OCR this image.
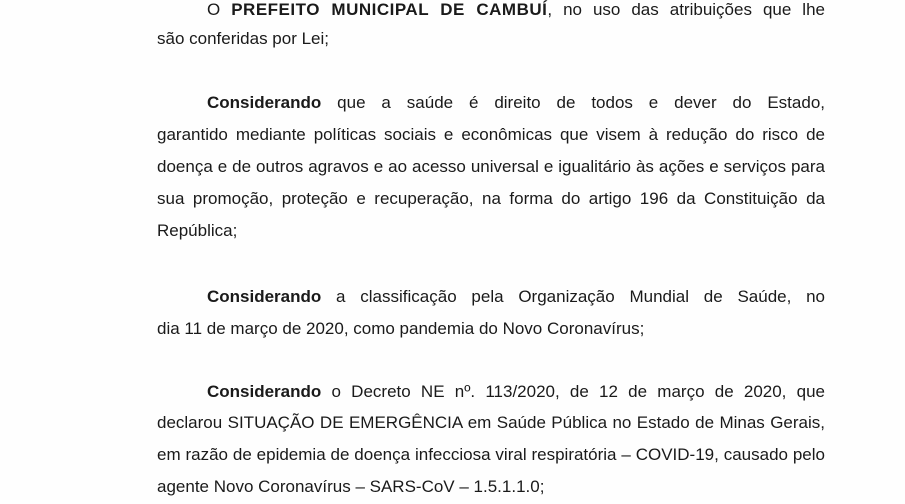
O PREFEITO MUNICIPAL DE CAMBUÍ, no uso das atribuições que lhe
são conferidas por Lei;
Considerando que a saúde é direito de todos e dever do Estado,
garantido mediante políticas sociais e econômicas que visem à redução do risco de
doença e de outros agravos e ao acesso universal e igualitário às ações e serviços para
sua promoção, proteção e recuperação, na forma do artigo 196 da Constituição da
República;
Considerando a classificação pela Organização Mundial de Saúde, no
dia 11 de março de 2020, como pandemia do Novo Coronavírus;
Considerando o Decreto NE nº. 113/2020, de 12 de março de 2020, que
declarou SITUAÇÃO DE EMERGÊNCIA em Saúde Pública no Estado de Minas Gerais,
em razão de epidemia de doença infecciosa viral respiratória – COVID-19, causado pelo
agente Novo Coronavírus – SARS-CoV – 1.5.1.1.0;
